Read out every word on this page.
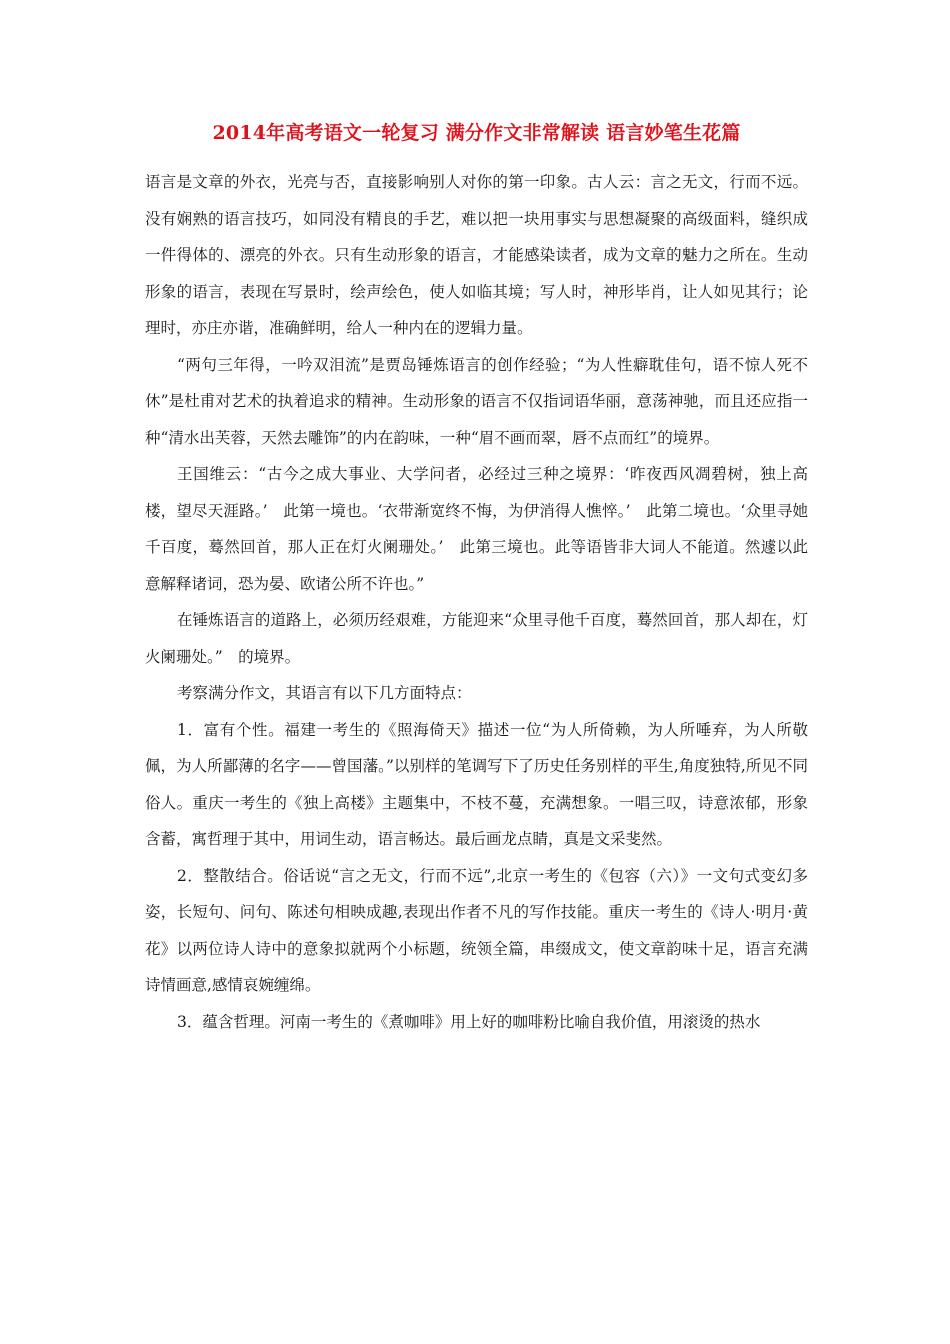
2014年高考语文一轮复习 满分作文非常解读 语言妙笔生花篇

语言是文章的外衣，光亮与否，直接影响别人对你的第一印象。古人云：言之无文，行而不远。没有娴熟的语言技巧，如同没有精良的手艺，难以把一块用事实与思想凝聚的高级面料，缝织成一件得体的、漂亮的外衣。只有生动形象的语言，才能感染读者，成为文章的魅力之所在。生动形象的语言，表现在写景时，绘声绘色，使人如临其境；写人时，神形毕肖，让人如见其行；论理时，亦庄亦谐，准确鲜明，给人一种内在的逻辑力量。

“两句三年得，一吟双泪流”是贾岛锤炼语言的创作经验；“为人性癖耽佳句，语不惊人死不休”是杜甫对艺术的执着追求的精神。生动形象的语言不仅指词语华丽，意荡神驰，而且还应指一种“清水出芙蓉，天然去雕饰”的内在韵味，一种“眉不画而翠，唇不点而红”的境界。

王国维云：“古今之成大事业、大学问者，必经过三种之境界：‘昨夜西风凋碧树，独上高楼，望尽天涯路。’　此第一境也。‘衣带渐宽终不悔，为伊消得人憔悴。’　此第二境也。‘众里寻她千百度，蓦然回首，那人正在灯火阑珊处。’　此第三境也。此等语皆非大词人不能道。然遽以此意解释诸词，恐为晏、欧诸公所不许也。”

在锤炼语言的道路上，必须历经艰难，方能迎来“众里寻他千百度，蓦然回首，那人却在，灯火阑珊处。”　的境界。

考察满分作文，其语言有以下几方面特点：

1．富有个性。福建一考生的《照海倚天》描述一位“为人所倚赖，为人所唾弃，为人所敬佩，为人所鄙薄的名字——曾国藩。”以别样的笔调写下了历史任务别样的平生,角度独特,所见不同俗人。重庆一考生的《独上高楼》主题集中，不枝不蔓，充满想象。一唱三叹，诗意浓郁，形象含蓄，寓哲理于其中，用词生动，语言畅达。最后画龙点睛，真是文采斐然。

2．整散结合。俗话说“言之无文，行而不远”,北京一考生的《包容（六）》一文句式变幻多姿，长短句、问句、陈述句相映成趣,表现出作者不凡的写作技能。重庆一考生的《诗人·明月·黄花》以两位诗人诗中的意象拟就两个小标题，统领全篇，串缀成文，使文章韵味十足，语言充满诗情画意,感情哀婉缠绵。

3．蕴含哲理。河南一考生的《煮咖啡》用上好的咖啡粉比喻自我价值，用滚烫的热水
